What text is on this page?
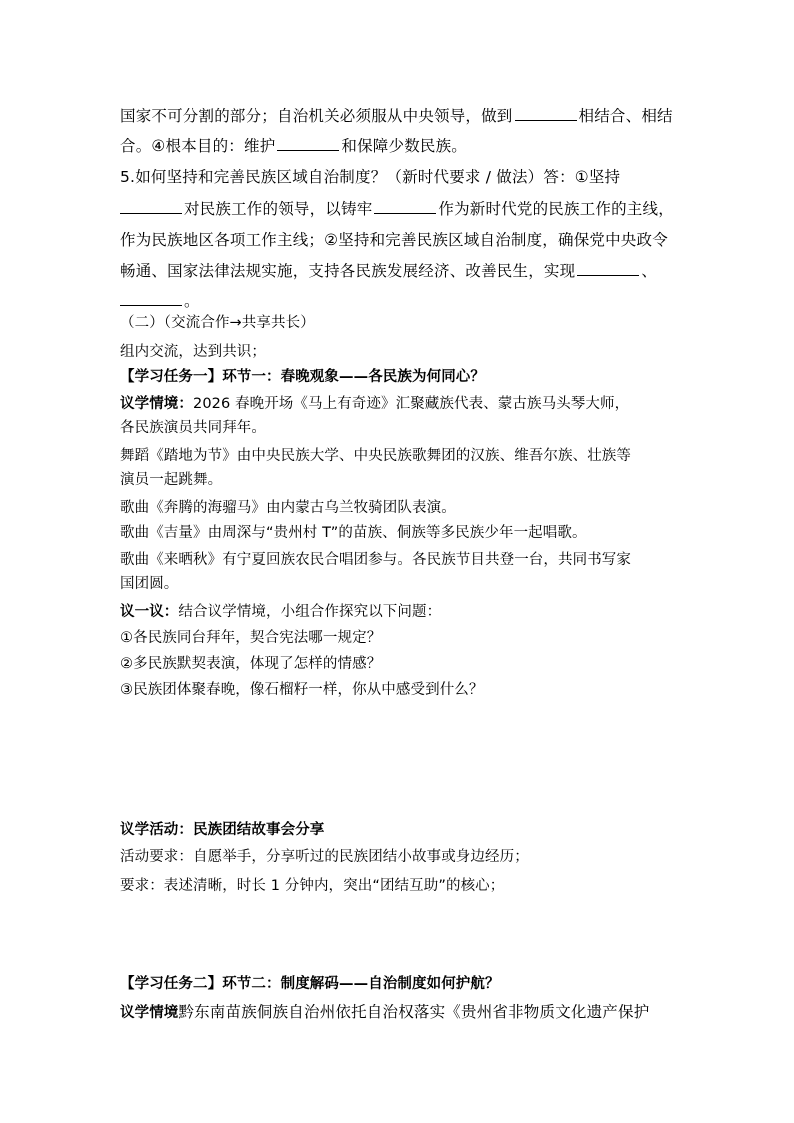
国家不可分割的部分；自治机关必须服从中央领导，做到	相结合、相结
合。④根本目的：维护	和保障少数民族。
5.如何坚持和完善民族区域自治制度？（新时代要求 / 做法）答：①坚持
对民族工作的领导，以铸牢	作为新时代党的民族工作的主线，
作为民族地区各项工作主线；②坚持和完善民族区域自治制度，确保党中央政令
畅通、国家法律法规实施，支持各民族发展经济、改善民生，实现	、
。
（二）（交流合作→共享共长）
组内交流，达到共识；
【学习任务一】环节一：春晚观象——各民族为何同心？
议学情境：2026 春晚开场《马上有奇迹》汇聚藏族代表、蒙古族马头琴大师，
各民族演员共同拜年。
舞蹈《踏地为节》由中央民族大学、中央民族歌舞团的汉族、维吾尔族、壮族等
演员一起跳舞。
歌曲《奔腾的海骝马》由内蒙古乌兰牧骑团队表演。
歌曲《吉量》由周深与“贵州村 T”的苗族、侗族等多民族少年一起唱歌。
歌曲《来晒秋》有宁夏回族农民合唱团参与。各民族节目共登一台，共同书写家
国团圆。
议一议：结合议学情境，小组合作探究以下问题：
①各民族同台拜年，契合宪法哪一规定？
②多民族默契表演，体现了怎样的情感？
③民族团体聚春晚，像石榴籽一样，你从中感受到什么？
议学活动：民族团结故事会分享
活动要求：自愿举手，分享听过的民族团结小故事或身边经历；
要求：表述清晰，时长 1 分钟内，突出“团结互助”的核心；
【学习任务二】环节二：制度解码——自治制度如何护航？
议学情境黔东南苗族侗族自治州依托自治权落实《贵州省非物质文化遗产保护
